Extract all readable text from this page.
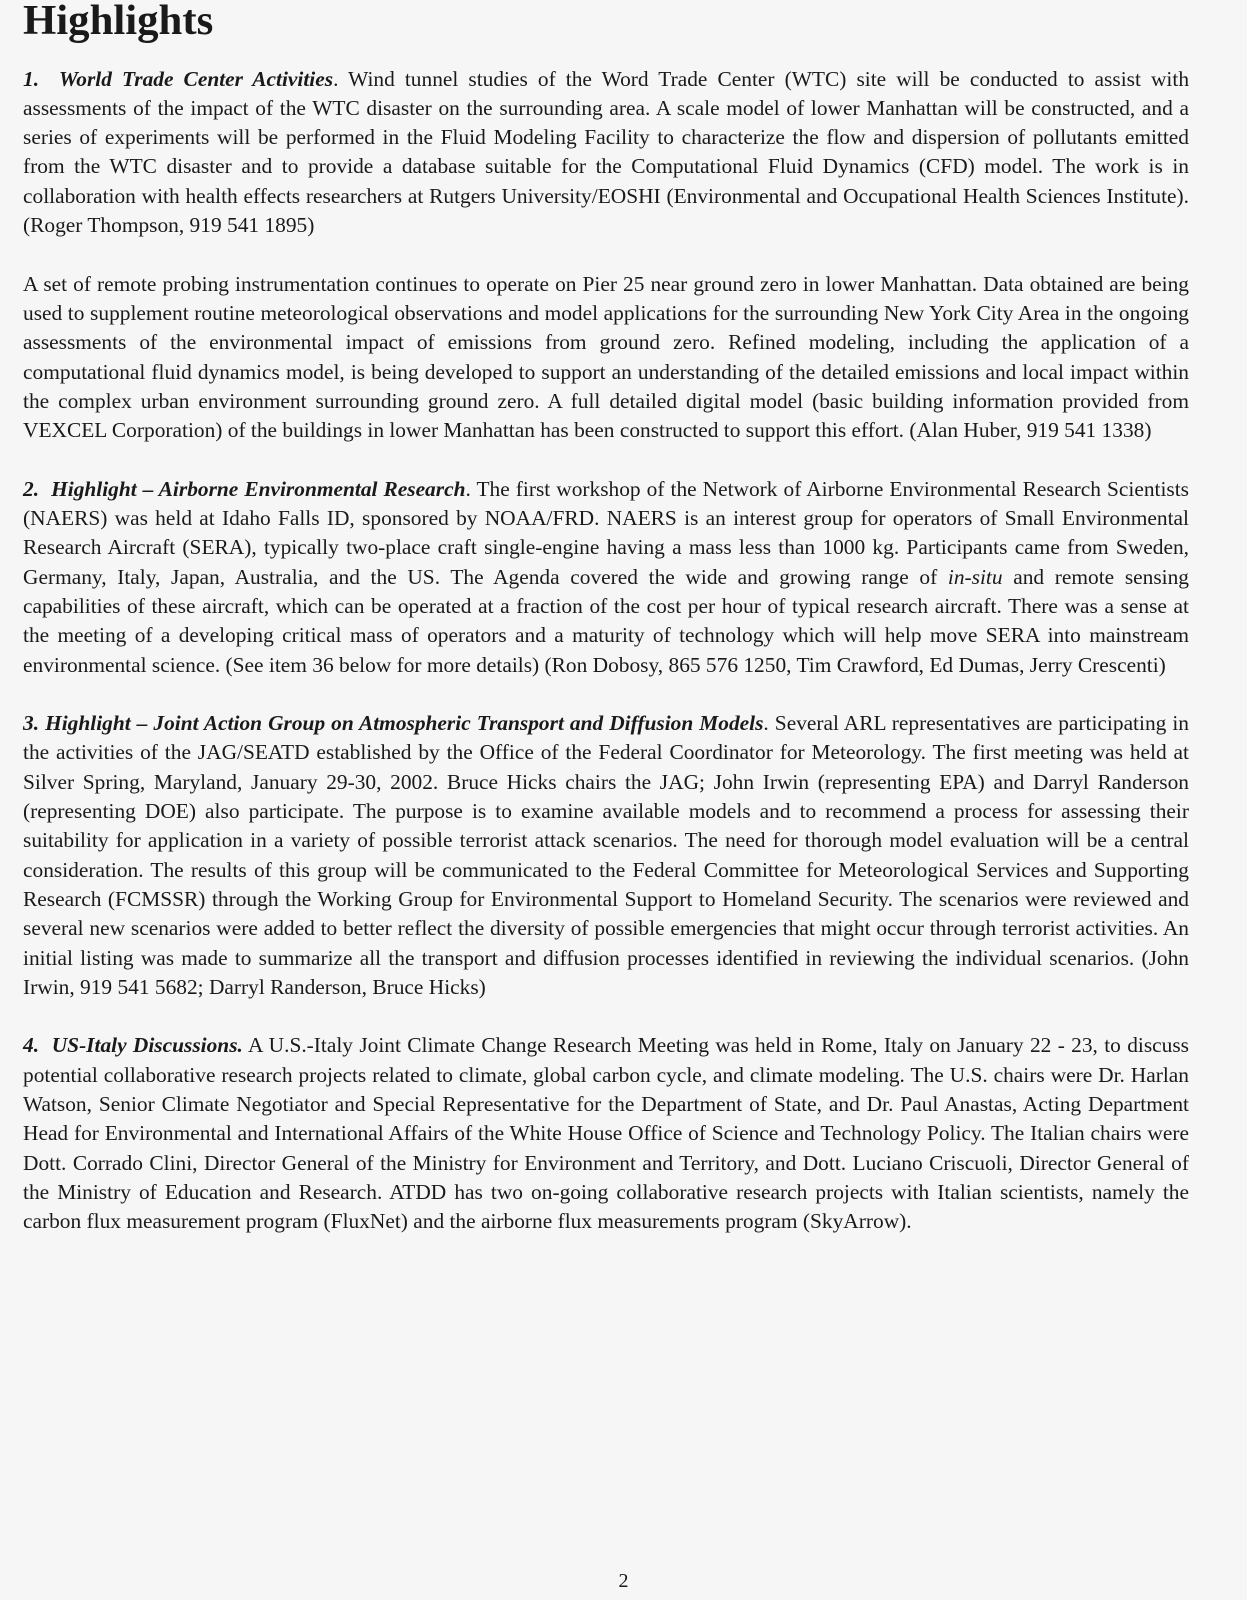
Highlights

1. World Trade Center Activities. Wind tunnel studies of the Word Trade Center (WTC) site will be conducted to assist with assessments of the impact of the WTC disaster on the surrounding area. A scale model of lower Manhattan will be constructed, and a series of experiments will be performed in the Fluid Modeling Facility to characterize the flow and dispersion of pollutants emitted from the WTC disaster and to provide a database suitable for the Computational Fluid Dynamics (CFD) model. The work is in collaboration with health effects researchers at Rutgers University/EOSHI (Environmental and Occupational Health Sciences Institute). (Roger Thompson, 919 541 1895)

A set of remote probing instrumentation continues to operate on Pier 25 near ground zero in lower Manhattan. Data obtained are being used to supplement routine meteorological observations and model applications for the surrounding New York City Area in the ongoing assessments of the environmental impact of emissions from ground zero. Refined modeling, including the application of a computational fluid dynamics model, is being developed to support an understanding of the detailed emissions and local impact within the complex urban environment surrounding ground zero. A full detailed digital model (basic building information provided from VEXCEL Corporation) of the buildings in lower Manhattan has been constructed to support this effort. (Alan Huber, 919 541 1338)

2. Highlight – Airborne Environmental Research. The first workshop of the Network of Airborne Environmental Research Scientists (NAERS) was held at Idaho Falls ID, sponsored by NOAA/FRD. NAERS is an interest group for operators of Small Environmental Research Aircraft (SERA), typically two-place craft single-engine having a mass less than 1000 kg. Participants came from Sweden, Germany, Italy, Japan, Australia, and the US. The Agenda covered the wide and growing range of in-situ and remote sensing capabilities of these aircraft, which can be operated at a fraction of the cost per hour of typical research aircraft. There was a sense at the meeting of a developing critical mass of operators and a maturity of technology which will help move SERA into mainstream environmental science. (See item 36 below for more details) (Ron Dobosy, 865 576 1250, Tim Crawford, Ed Dumas, Jerry Crescenti)

3. Highlight – Joint Action Group on Atmospheric Transport and Diffusion Models. Several ARL representatives are participating in the activities of the JAG/SEATD established by the Office of the Federal Coordinator for Meteorology. The first meeting was held at Silver Spring, Maryland, January 29-30, 2002. Bruce Hicks chairs the JAG; John Irwin (representing EPA) and Darryl Randerson (representing DOE) also participate. The purpose is to examine available models and to recommend a process for assessing their suitability for application in a variety of possible terrorist attack scenarios. The need for thorough model evaluation will be a central consideration. The results of this group will be communicated to the Federal Committee for Meteorological Services and Supporting Research (FCMSSR) through the Working Group for Environmental Support to Homeland Security. The scenarios were reviewed and several new scenarios were added to better reflect the diversity of possible emergencies that might occur through terrorist activities. An initial listing was made to summarize all the transport and diffusion processes identified in reviewing the individual scenarios. (John Irwin, 919 541 5682; Darryl Randerson, Bruce Hicks)

4. US-Italy Discussions. A U.S.-Italy Joint Climate Change Research Meeting was held in Rome, Italy on January 22 - 23, to discuss potential collaborative research projects related to climate, global carbon cycle, and climate modeling. The U.S. chairs were Dr. Harlan Watson, Senior Climate Negotiator and Special Representative for the Department of State, and Dr. Paul Anastas, Acting Department Head for Environmental and International Affairs of the White House Office of Science and Technology Policy. The Italian chairs were Dott. Corrado Clini, Director General of the Ministry for Environment and Territory, and Dott. Luciano Criscuoli, Director General of the Ministry of Education and Research. ATDD has two on-going collaborative research projects with Italian scientists, namely the carbon flux measurement program (FluxNet) and the airborne flux measurements program (SkyArrow).

2
